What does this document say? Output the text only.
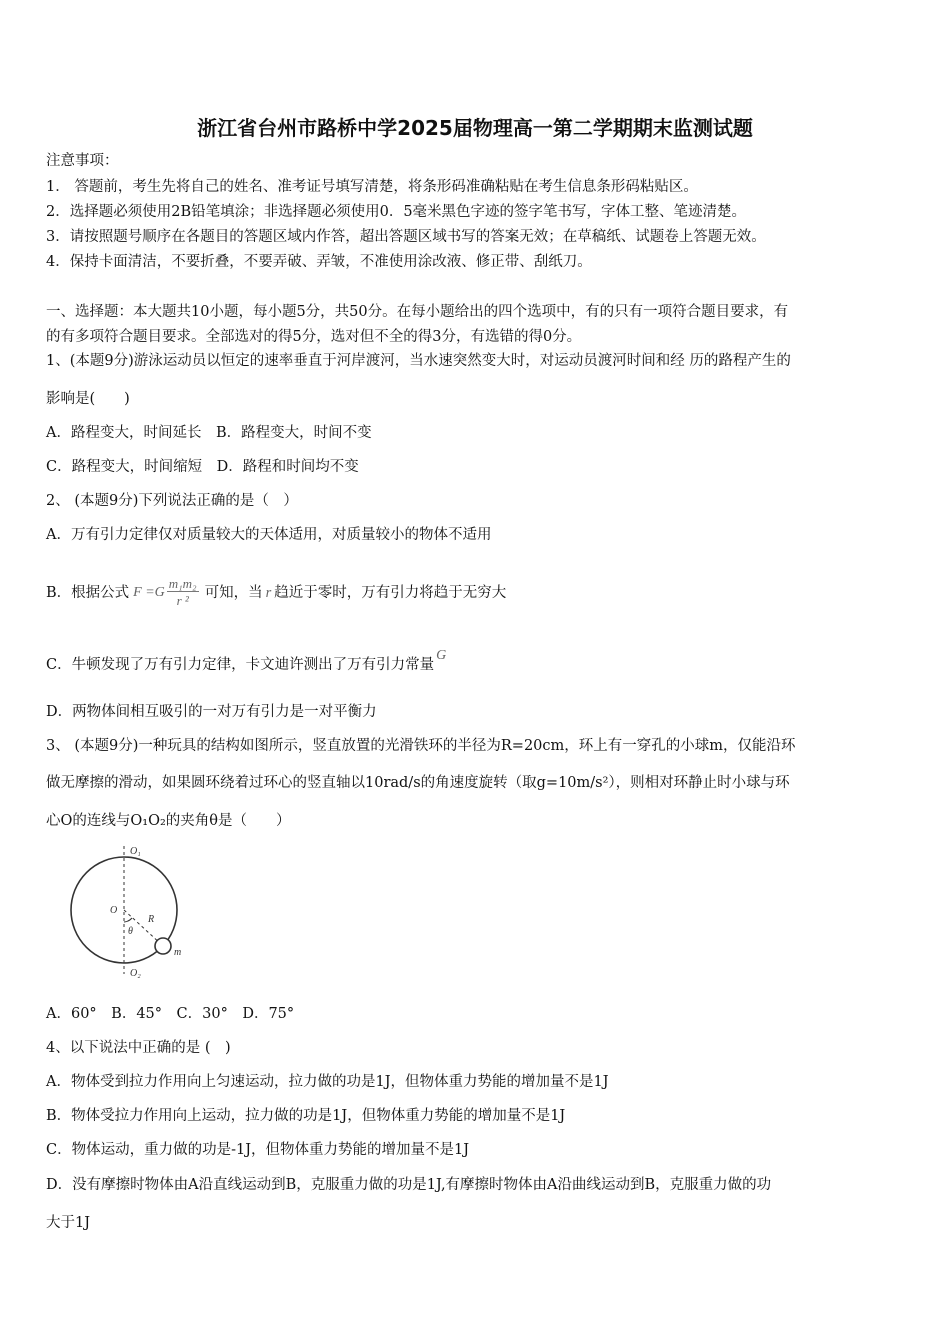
浙江省台州市路桥中学2025届物理高一第二学期期末监测试题
注意事项：
1． 答题前，考生先将自己的姓名、准考证号填写清楚，将条形码准确粘贴在考生信息条形码粘贴区。
2．选择题必须使用2B铅笔填涂；非选择题必须使用0．5毫米黑色字迹的签字笔书写，字体工整、笔迹清楚。
3．请按照题号顺序在各题目的答题区域内作答，超出答题区域书写的答案无效；在草稿纸、试题卷上答题无效。
4．保持卡面清洁，不要折叠，不要弄破、弄皱，不准使用涂改液、修正带、刮纸刀。
一、选择题：本大题共10小题，每小题5分，共50分。在每小题给出的四个选项中，有的只有一项符合题目要求，有
的有多项符合题目要求。全部选对的得5分，选对但不全的得3分，有选错的得0分。
1、(本题9分)游泳运动员以恒定的速率垂直于河岸渡河，当水速突然变大时，对运动员渡河时间和经 历的路程产生的
影响是(　　)
A．路程变大，时间延长　B．路程变大，时间不变
C．路程变大，时间缩短　D．路程和时间均不变
2、 (本题9分)下列说法正确的是（　）
A．万有引力定律仅对质量较大的天体适用，对质量较小的物体不适用
B．根据公式 $F =G \frac{\text{m₁m₂}}{\text{r ²}}$ 可知，当 r 趋近于零时，万有引力将趋于无穷大
C．牛顿发现了万有引力定律，卡文迪许测出了万有引力常量G
D．两物体间相互吸引的一对万有引力是一对平衡力
3、 (本题9分)一种玩具的结构如图所示，竖直放置的光滑铁环的半径为R=20cm，环上有一穿孔的小球m，仅能沿环
做无摩擦的滑动，如果圆环绕着过环心的竖直轴以10rad/s的角速度旋转（取g=10m/s²），则相对环静止时小球与环
心O的连线与O₁O₂的夹角θ是（　　）
O₁
O
R
θ
m
O₂
A．60°　B．45°　C．30°　D．75°
4、以下说法中正确的是 (　)
A．物体受到拉力作用向上匀速运动，拉力做的功是1J，但物体重力势能的增加量不是1J
B．物体受拉力作用向上运动，拉力做的功是1J，但物体重力势能的增加量不是1J
C．物体运动，重力做的功是-1J，但物体重力势能的增加量不是1J
D．没有摩擦时物体由A沿直线运动到B，克服重力做的功是1J,有摩擦时物体由A沿曲线运动到B，克服重力做的功
大于1J
